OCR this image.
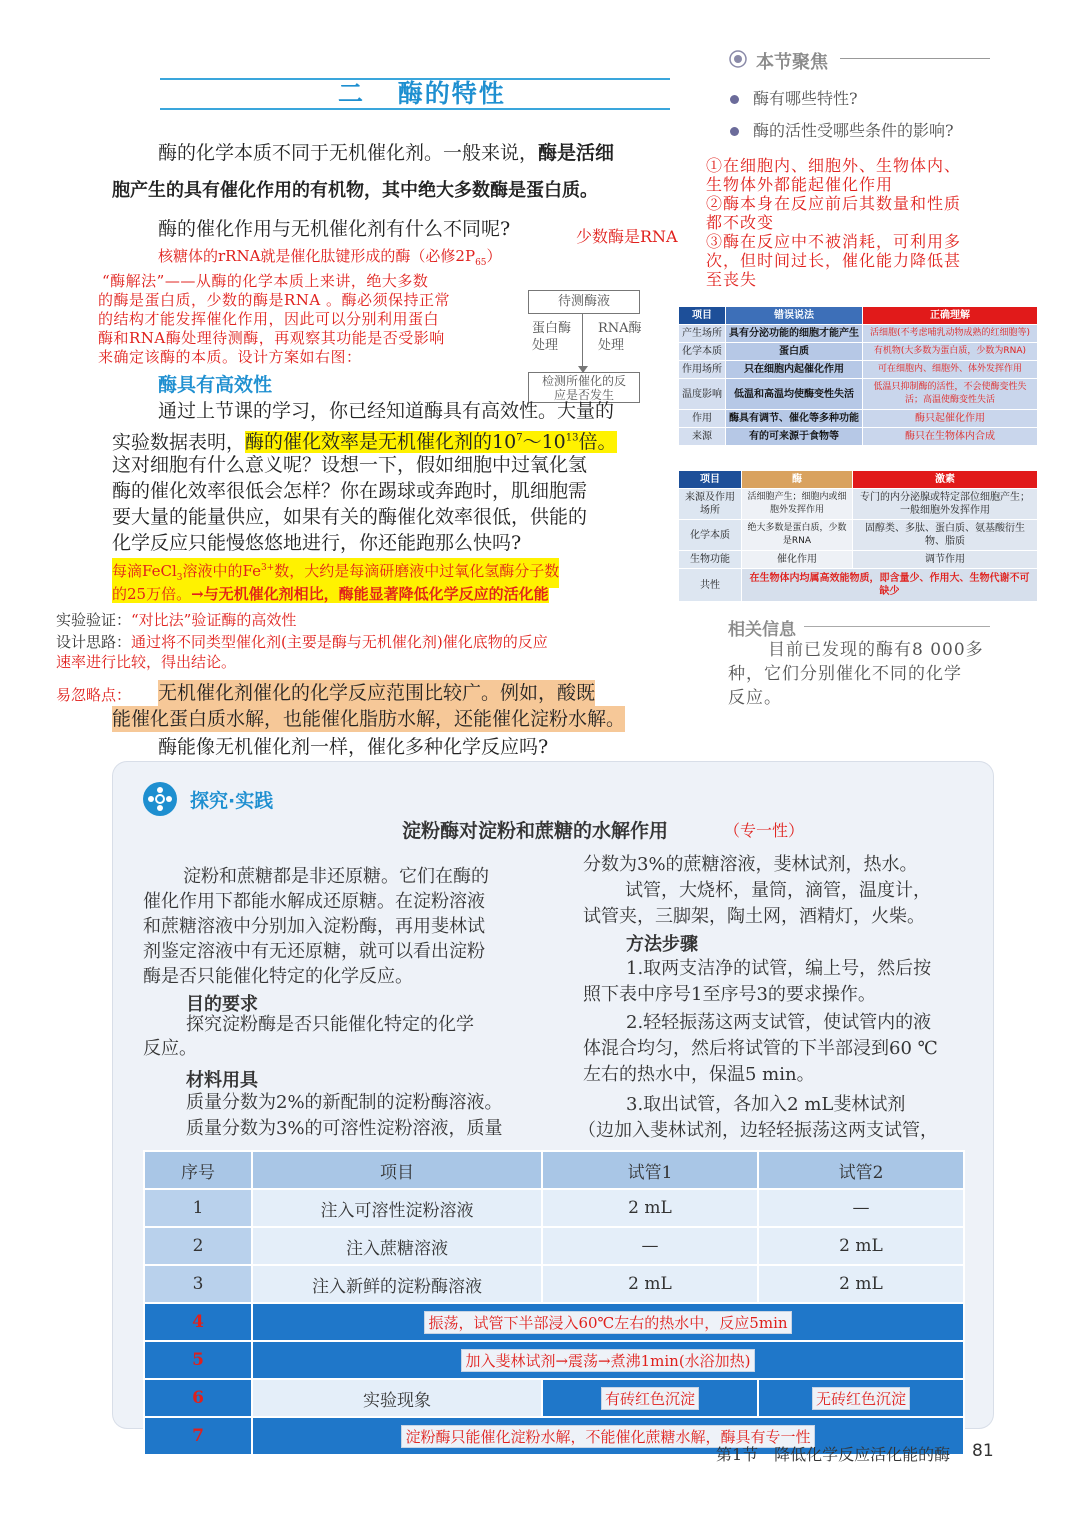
二 酶的特性
本节聚焦
酶有哪些特性?
酶的活性受哪些条件的影响?
①在细胞内、细胞外、生物体内、
生物体外都能起催化作用
②酶本身在反应前后其数量和性质
都不改变
③酶在反应中不被消耗，可利用多
次，但时间过长，催化能力降低甚
至丧失
项目	错误说法	正确理解
产生场所	具有分泌功能的细胞才能产生	活细胞(不考虑哺乳动物成熟的红细胞等)
化学本质	蛋白质	有机物(大多数为蛋白质，少数为RNA)
作用场所	只在细胞内起催化作用	可在细胞内、细胞外、体外发挥作用
温度影响	低温和高温均使酶变性失活	低温只抑制酶的活性，不会使酶变性失活；高温使酶变性失活
作用	酶具有调节、催化等多种功能	酶只起催化作用
来源	有的可来源于食物等	酶只在生物体内合成
项目	酶	激素
来源及作用场所	活细胞产生；细胞内或细胞外发挥作用	专门的内分泌腺或特定部位细胞产生；一般细胞外发挥作用
化学本质	绝大多数是蛋白质，少数是RNA	固醇类、多肽、蛋白质、氨基酸衍生物、脂质
生物功能	催化作用	调节作用
共性	在生物体内均属高效能物质，即含量少、作用大、生物代谢不可缺少	
酶的化学本质不同于无机催化剂。一般来说，酶是活细
胞产生的具有催化作用的有机物，其中绝大多数酶是蛋白质。
酶的催化作用与无机催化剂有什么不同呢?	少数酶是RNA
核糖体的rRNA就是催化肽键形成的酶（必修$2P_{65}$）
“酶解法”——从酶的化学本质上来讲，绝大多数
的酶是蛋白质，少数的酶是RNA 。酶必须保持正常
的结构才能发挥催化作用，因此可以分别利用蛋白
酶和RNA酶处理待测酶，再观察其功能是否受影响
来确定该酶的本质。设计方案如右图：
待测酶液
蛋白酶
处理
RNA酶
处理
检测所催化的反
应是否发生
酶具有高效性
通过上节课的学习，你已经知道酶具有高效性。大量的
实验数据表明，酶的催化效率是无机催化剂的$10^7\sim 10^{13}$倍。
这对细胞有什么意义呢？设想一下，假如细胞中过氧化氢
酶的催化效率很低会怎样？你在踢球或奔跑时，肌细胞需
要大量的能量供应，如果有关的酶催化效率很低，供能的
化学反应只能慢悠悠地进行，你还能跑那么快吗?
每滴FeCl$_3$溶液中的$Fe^{3+}$数，大约是每滴研磨液中过氧化氢酶分子数
的25万倍。→与无机催化剂相比，酶能显著降低化学反应的活化能
实验验证：“对比法”验证酶的高效性
设计思路：通过将不同类型催化剂(主要是酶与无机催化剂)催化底物的反应
速率进行比较，得出结论。
易忽略点： 无机催化剂催化的化学反应范围比较广。例如，酸既
能催化蛋白质水解，也能催化脂肪水解，还能催化淀粉水解。
酶能像无机催化剂一样，催化多种化学反应吗?
相关信息
目前已发现的酶有8 000多
种，它们分别催化不同的化学
反应。
探究·实践
淀粉酶对淀粉和蔗糖的水解作用	（专一性）
淀粉和蔗糖都是非还原糖。它们在酶的
催化作用下都能水解成还原糖。在淀粉溶液
和蔗糖溶液中分别加入淀粉酶，再用斐林试
剂鉴定溶液中有无还原糖，就可以看出淀粉
酶是否只能催化特定的化学反应。
目的要求
探究淀粉酶是否只能催化特定的化学
反应。
材料用具
质量分数为2%的新配制的淀粉酶溶液。
质量分数为3%的可溶性淀粉溶液，质量
分数为3%的蔗糖溶液，斐林试剂，热水。
试管，大烧杯，量筒，滴管，温度计，
试管夹，三脚架，陶土网，酒精灯，火柴。
方法步骤
1.取两支洁净的试管，编上号，然后按
照下表中序号1至序号3的要求操作。
2.轻轻振荡这两支试管，使试管内的液
体混合均匀，然后将试管的下半部浸到60 ℃
左右的热水中，保温5 min。
3.取出试管，各加入2 mL斐林试剂
（边加入斐林试剂，边轻轻振荡这两支试管，
序号	项目	试管1	试管2
1	注入可溶性淀粉溶液	2 mL	—
2	注入蔗糖溶液	—	2 mL
3	注入新鲜的淀粉酶溶液	2 mL	2 mL
4	振荡，试管下半部浸入60℃左右的热水中，反应5min		
5	加入斐林试剂→震荡→煮沸1min(水浴加热)		
6	实验现象	有砖红色沉淀	无砖红色沉淀
7	淀粉酶只能催化淀粉水解，不能催化蔗糖水解，酶具有专一性		
第1节　降低化学反应活化能的酶 81
